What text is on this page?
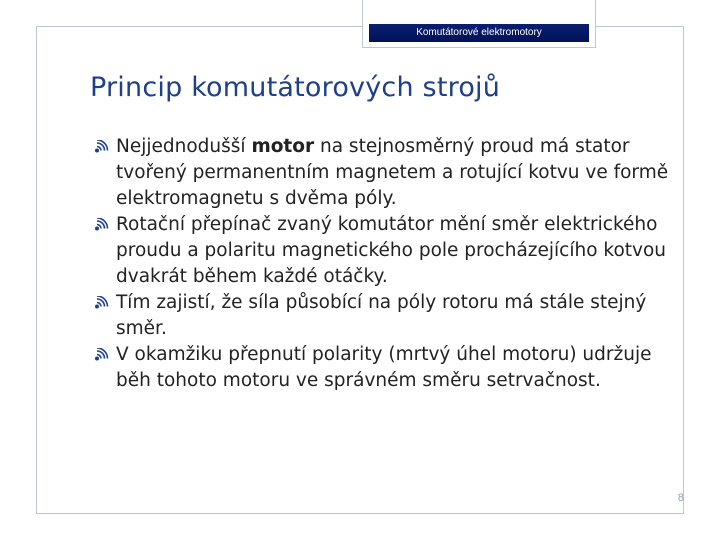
Komutátorové elektromotory
Princip komutátorových strojů
Nejjednodušší motor na stejnosměrný proud má stator tvořený permanentním magnetem a rotující kotvu ve formě elektromagnetu s dvěma póly.
Rotační přepínač zvaný komutátor mění směr elektrického proudu a polaritu magnetického pole procházejícího kotvou dvakrát během každé otáčky.
Tím zajistí, že síla působící na póly rotoru má stále stejný směr.
V okamžiku přepnutí polarity (mrtvý úhel motoru) udržuje běh tohoto motoru ve správném směru setrvačnost.
8
